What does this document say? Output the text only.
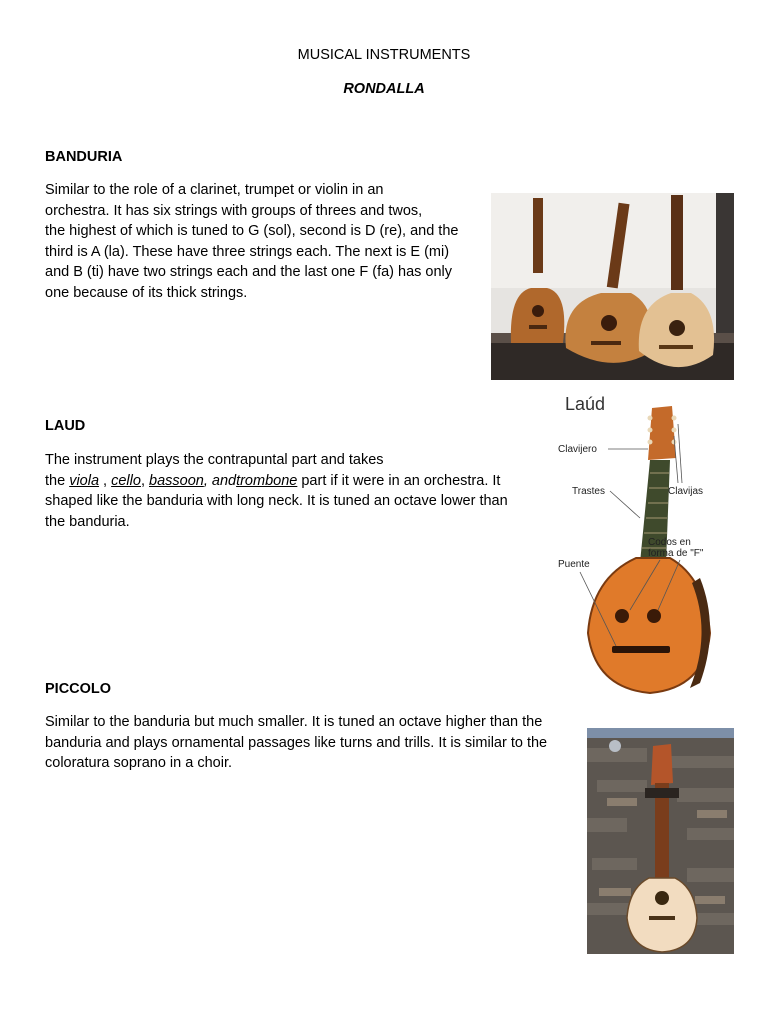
MUSICAL INSTRUMENTS
RONDALLA
BANDURIA
Similar to the role of a clarinet, trumpet or violin in an
orchestra. It has six strings with groups of threes and twos,
the highest of which is tuned to G (sol), second is D (re), and the
third is A (la). These have three strings each. The next is E (mi)
and B (ti) have two strings each and the last one F (fa) has only
one because of its thick strings.
LAUD
The instrument plays the contrapuntal part and takes
the viola , cello, bassoon, andtrombone part if it were in an orchestra. It
shaped like the banduria with long neck. It is tuned an octave lower than
the banduria.
Laúd
Clavijero
Trastes	Clavijas
Codos en
forma de "F"
Puente
PICCOLO
Similar to the banduria but much smaller. It is tuned an octave higher than the
banduria and plays ornamental passages like turns and trills. It is similar to the
coloratura soprano in a choir.
